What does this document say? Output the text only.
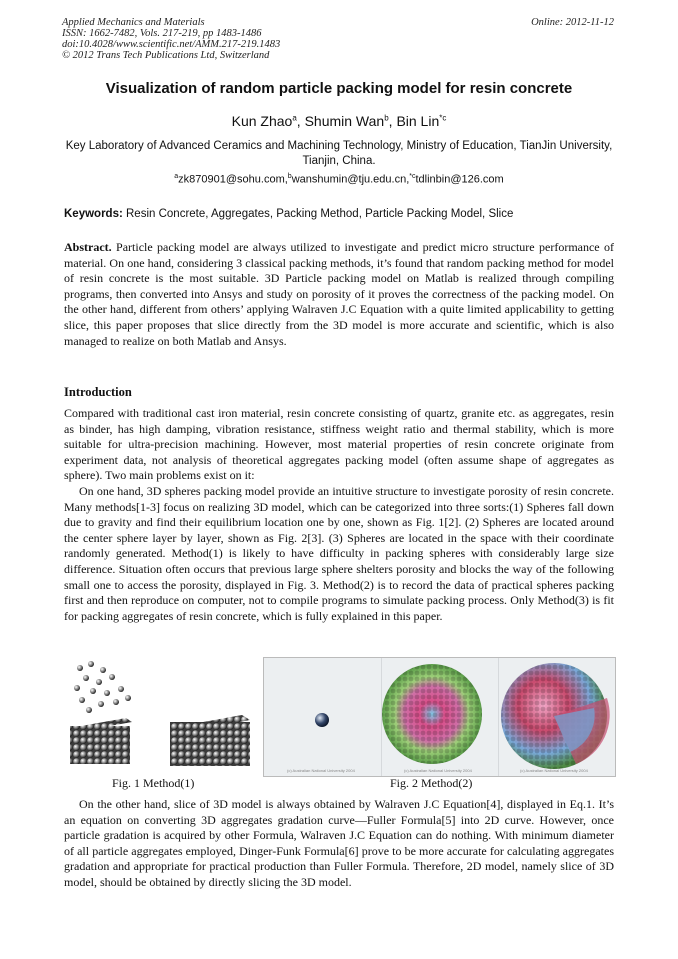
Applied Mechanics and Materials
ISSN: 1662-7482, Vols. 217-219, pp 1483-1486
doi:10.4028/www.scientific.net/AMM.217-219.1483
© 2012 Trans Tech Publications Ltd, Switzerland
Online: 2012-11-12
Visualization of random particle packing model for resin concrete
Kun Zhao$^a$, Shumin Wan$^b$, Bin Lin$^{*c}$
Key Laboratory of Advanced Ceramics and Machining Technology, Ministry of Education, TianJin University, Tianjin, China.
$^a$zk870901@sohu.com,$^b$wanshumin@tju.edu.cn,$^{*c}$tdlinbin@126.com
Keywords: Resin Concrete, Aggregates, Packing Method, Particle Packing Model, Slice

Abstract. Particle packing model are always utilized to investigate and predict micro structure performance of material. On one hand, considering 3 classical packing methods, it’s found that random packing method for model of resin concrete is the most suitable. 3D Particle packing model on Matlab is realized through compiling programs, then converted into Ansys and study on porosity of it proves the correctness of the packing model. On the other hand, different from others’ applying Walraven J.C Equation with a quite limited applicability to getting slice, this paper proposes that slice directly from the 3D model is more accurate and scientific, which is also managed to realize on both Matlab and Ansys.

Introduction

Compared with traditional cast iron material, resin concrete consisting of quartz, granite etc. as aggregates, resin as binder, has high damping, vibration resistance, stiffness weight ratio and thermal stability, which is more suitable for ultra-precision machining. However, most material properties of resin concrete originate from experiment data, not analysis of theoretical aggregates packing model (often assume shape of aggregates as sphere). Two main problems exist on it:

On one hand, 3D spheres packing model provide an intuitive structure to investigate porosity of resin concrete. Many methods[1-3] focus on realizing 3D model, which can be categorized into three sorts:(1) Spheres fall down due to gravity and find their equilibrium location one by one, shown as Fig. 1[2]. (2) Spheres are located around the center sphere layer by layer, shown as Fig. 2[3]. (3) Spheres are located in the space with their coordinate randomly generated. Method(1) is likely to have difficulty in packing spheres with considerably large size difference. Situation often occurs that previous large sphere shelters porosity and blocks the way of the following small one to access the porosity, displayed in Fig. 3. Method(2) is to record the data of practical spheres packing first and then reproduce on computer, not to compile programs to simulate packing process. Only Method(3) is fit for packing aggregates of resin concrete, which is fully explained in this paper.

(c) Australian National University 2004	(c) Australian National University 2004	(c) Australian National University 2004
Fig. 1 Method(1)	Fig. 2 Method(2)

On the other hand, slice of 3D model is always obtained by Walraven J.C Equation[4], displayed in Eq.1. It’s an equation on converting 3D aggregates gradation curve—Fuller Formula[5] into 2D curve. However, once particle gradation is acquired by other Formula, Walraven J.C Equation can do nothing. With minimum diameter of all particle aggregates employed, Dinger-Funk Formula[6] prove to be more accurate for calculating aggregates gradation and appropriate for practical production than Fuller Formula. Therefore, 2D model, namely slice of 3D model, should be obtained by directly slicing the 3D model.
